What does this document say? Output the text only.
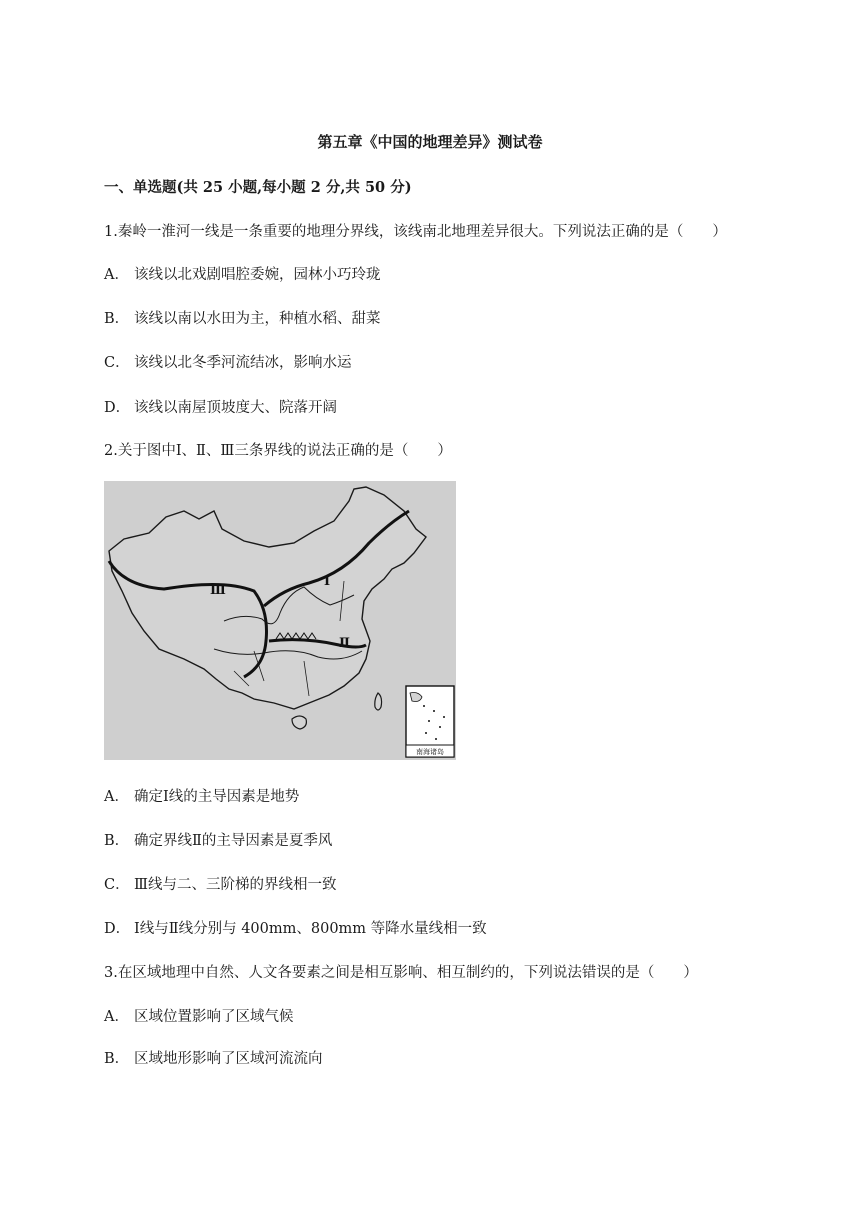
第五章《中国的地理差异》测试卷
一、单选题(共 25 小题,每小题 2 分,共 50 分)
1.秦岭一淮河一线是一条重要的地理分界线，该线南北地理差异很大。下列说法正确的是（　　）
A． 该线以北戏剧唱腔委婉，园林小巧玲珑
B． 该线以南以水田为主，种植水稻、甜菜
C． 该线以北冬季河流结冰，影响水运
D． 该线以南屋顶坡度大、院落开阔
2.关于图中Ⅰ、Ⅱ、Ⅲ三条界线的说法正确的是（　　）
Ⅲ
Ⅰ
Ⅱ
南海诸岛
A． 确定Ⅰ线的主导因素是地势
B． 确定界线Ⅱ的主导因素是夏季风
C． Ⅲ线与二、三阶梯的界线相一致
D． Ⅰ线与Ⅱ线分别与 400mm、800mm 等降水量线相一致
3.在区域地理中自然、人文各要素之间是相互影响、相互制约的，下列说法错误的是（　　）
A． 区域位置影响了区域气候
B． 区域地形影响了区域河流流向
